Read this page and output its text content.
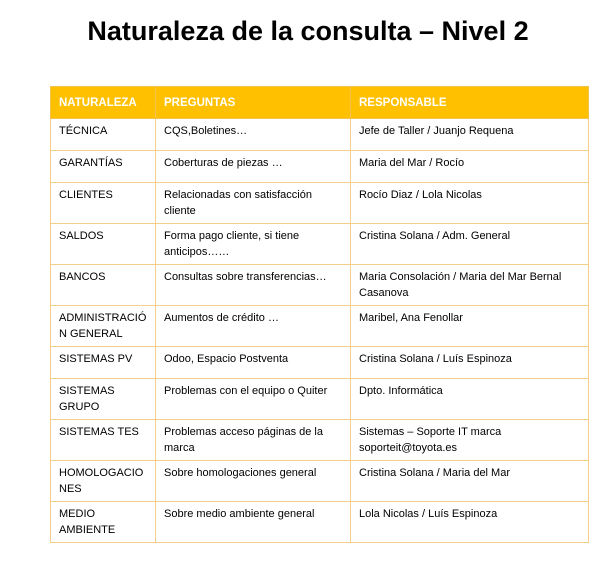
Naturaleza de la consulta – Nivel 2
NATURALEZA	PREGUNTAS	RESPONSABLE
TÉCNICA	CQS,Boletines…	Jefe de Taller / Juanjo Requena
GARANTÍAS	Coberturas de piezas …	Maria del Mar / Rocío
CLIENTES	Relacionadas con satisfacción cliente	Rocío Diaz / Lola Nicolas
SALDOS	Forma pago cliente, si tiene anticipos……	Cristina Solana / Adm. General
BANCOS	Consultas sobre transferencias…	Maria Consolación / Maria del Mar Bernal Casanova
ADMINISTRACIÓN GENERAL	Aumentos de crédito …	Maribel, Ana Fenollar
SISTEMAS PV	Odoo, Espacio Postventa	Cristina Solana / Luís Espinoza
SISTEMAS GRUPO	Problemas con el equipo o Quiter	Dpto. Informática
SISTEMAS TES	Problemas acceso páginas de la marca	Sistemas – Soporte IT marca soporteit@toyota.es
HOMOLOGACIONES	Sobre homologaciones general	Cristina Solana / Maria del Mar
MEDIO AMBIENTE	Sobre medio ambiente general	Lola Nicolas / Luís Espinoza
